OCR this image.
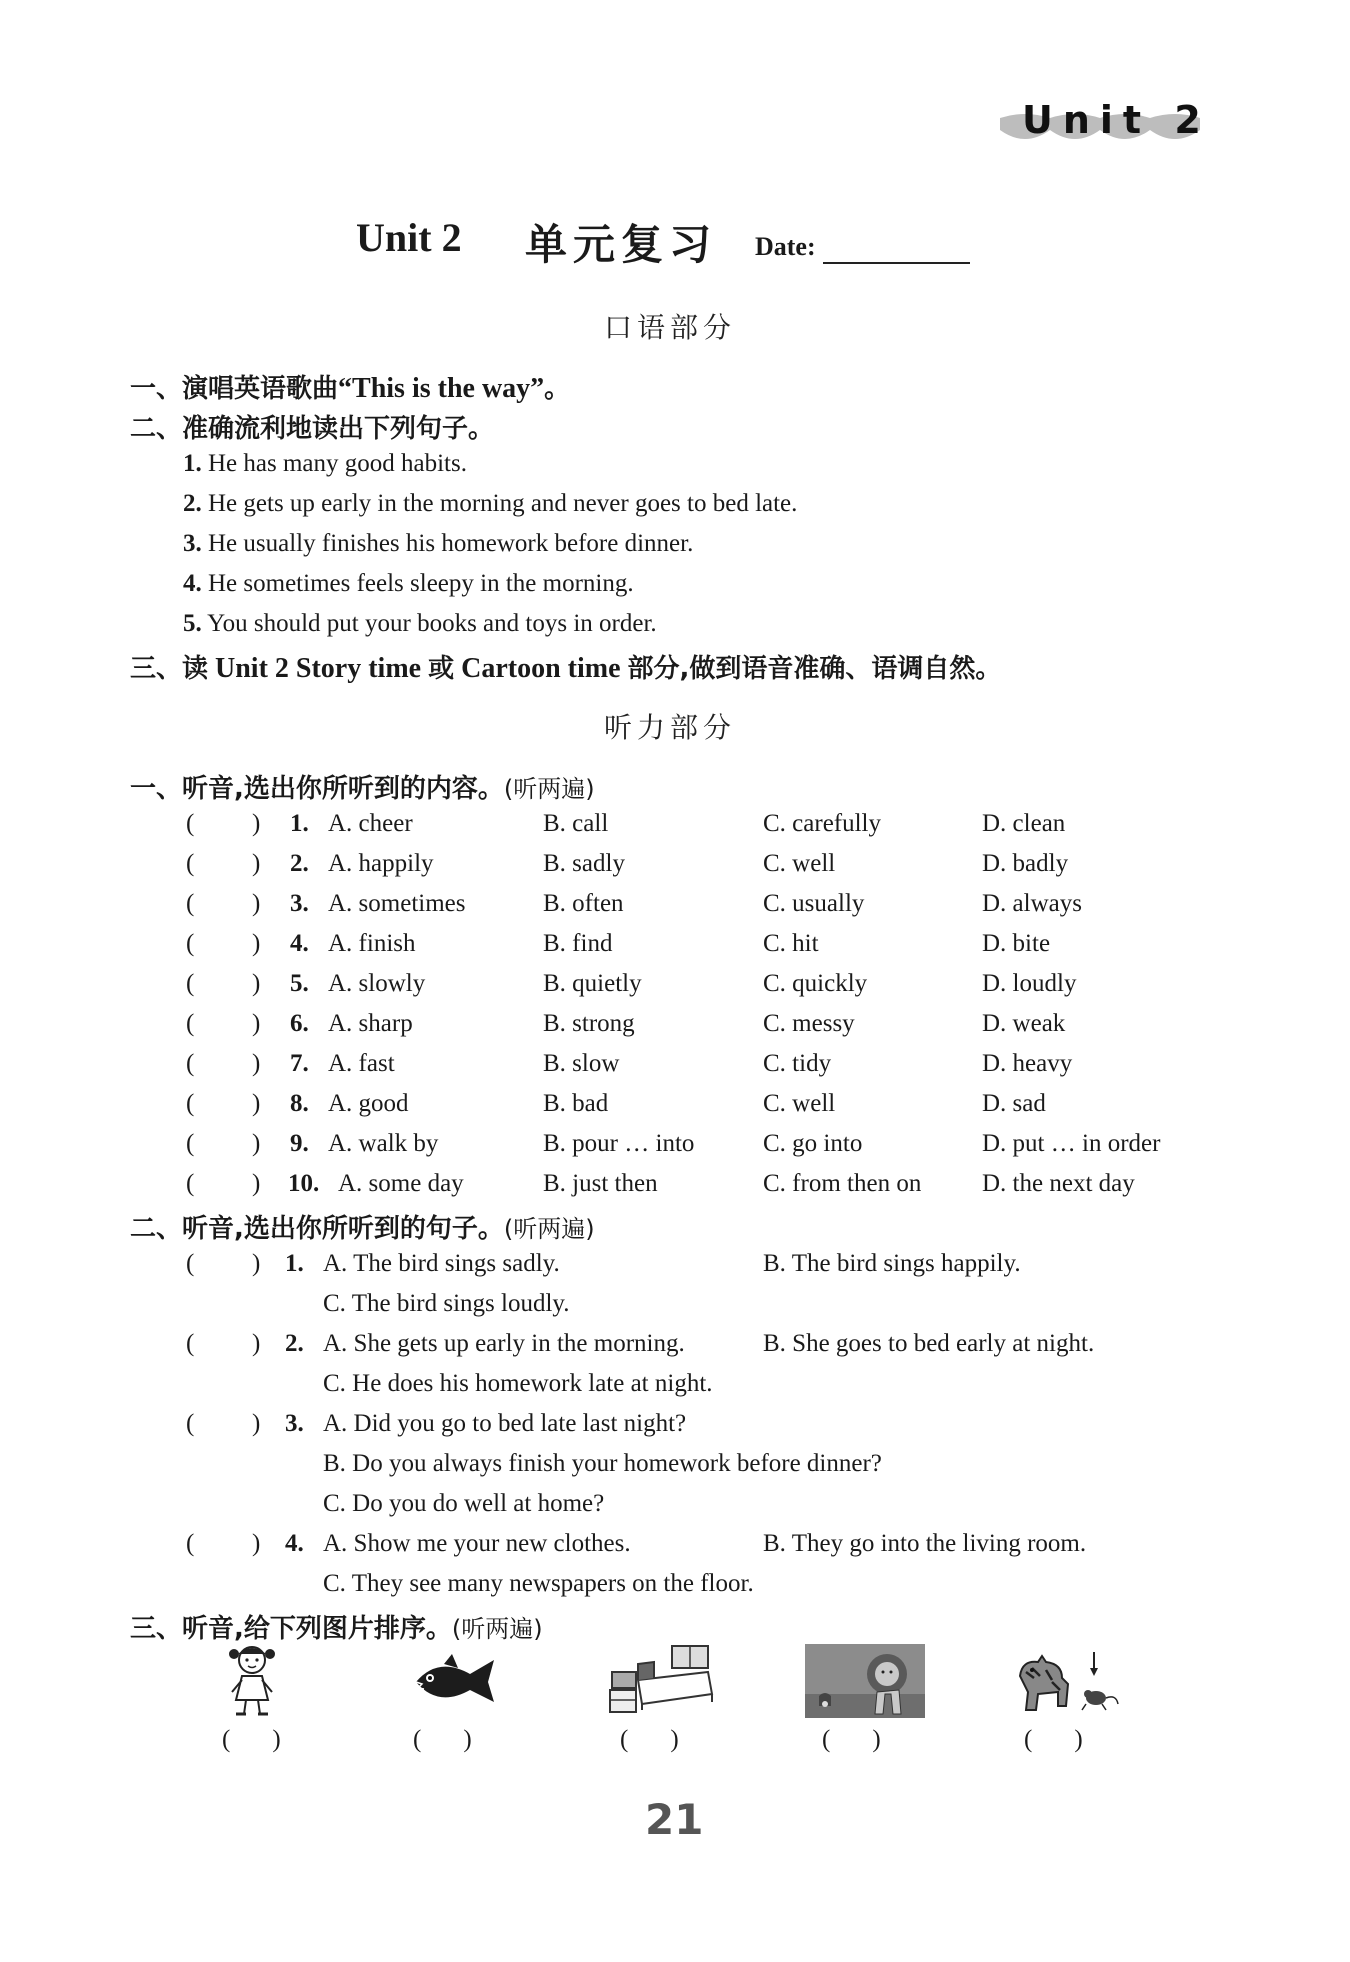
Unit 2
Unit 2 单元复习 Date:
口语部分
一、演唱英语歌曲“This is the way”。
二、准确流利地读出下列句子。
1. He has many good habits.
2. He gets up early in the morning and never goes to bed late.
3. He usually finishes his homework before dinner.
4. He sometimes feels sleepy in the morning.
5. You should put your books and toys in order.
三、读 Unit 2 Story time 或 Cartoon time 部分,做到语音准确、语调自然。
听力部分
一、听音,选出你所听到的内容。(听两遍)
( ) 1. A. cheer	B. call	C. carefully	D. clean
( ) 2. A. happily	B. sadly	C. well	D. badly
( ) 3. A. sometimes	B. often	C. usually	D. always
( ) 4. A. finish	B. find	C. hit	D. bite
( ) 5. A. slowly	B. quietly	C. quickly	D. loudly
( ) 6. A. sharp	B. strong	C. messy	D. weak
( ) 7. A. fast	B. slow	C. tidy	D. heavy
( ) 8. A. good	B. bad	C. well	D. sad
( ) 9. A. walk by	B. pour … into	C. go into	D. put … in order
( ) 10. A. some day	B. just then	C. from then on D. the next day
二、听音,选出你所听到的句子。(听两遍)
( ) 1. A. The bird sings sadly.	B. The bird sings happily.
C. The bird sings loudly.
( ) 2. A. She gets up early in the morning.	B. She goes to bed early at night.
C. He does his homework late at night.
( ) 3. A. Did you go to bed late last night?
B. Do you always finish your homework before dinner?
C. Do you do well at home?
( ) 4. A. Show me your new clothes.	B. They go into the living room.
C. They see many newspapers on the floor.
三、听音,给下列图片排序。(听两遍)
( )	( )	( )	( )	( )
21
